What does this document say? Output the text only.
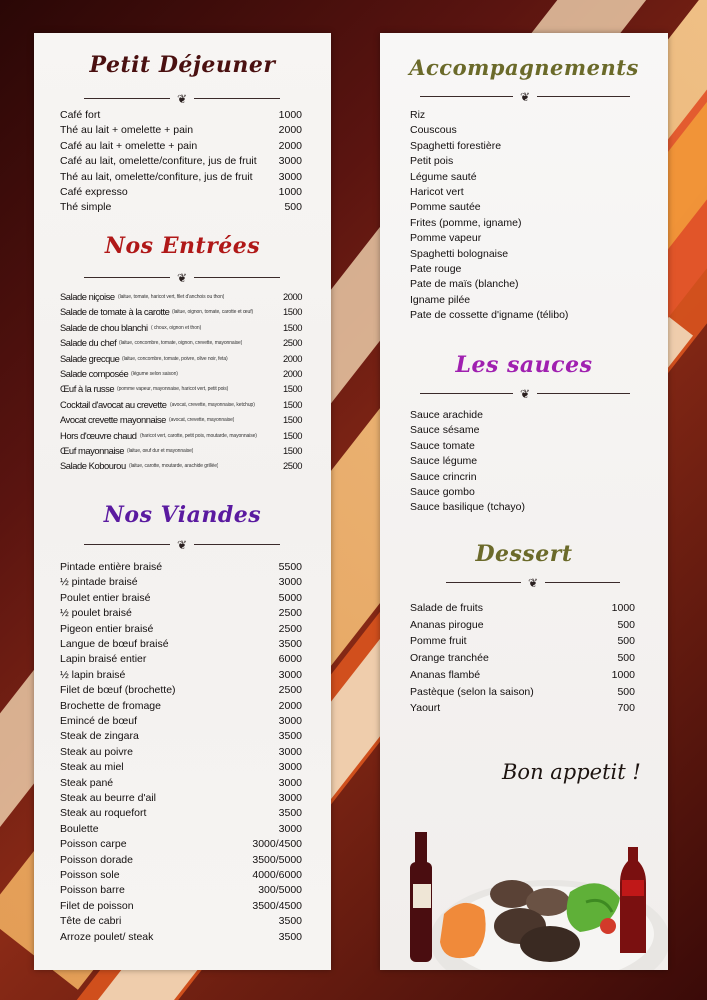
Petit Déjeuner
❦
Café fort	1000
Thé au lait + omelette + pain	2000
Café au lait + omelette + pain	2000
Café au lait, omelette/confiture, jus de fruit 3000
Thé au lait, omelette/confiture, jus de fruit 3000
Café expresso	1000
Thé simple	500
Nos Entrées
❦
Salade niçoise (laitue, tomate, haricot vert, filet d'anchois ou thon)	2000
Salade de tomate à la carotte (laitue, oignon, tomate, carotte et œuf)	1500
Salade de chou blanchi ( choux, oignon et thon)	1500
Salade du chef (laitue, concombre, tomate, oignon, crevette, mayonnaise)	2500
Salade grecque (laitue, concombre, tomate, poivre, olive noir, feta)	2000
Salade composée (légume selon saison)	2000
Œuf à la russe (pomme vapeur, mayonnaise, haricot vert, petit pois)	1500
Cocktail d'avocat au crevette (avocat, crevette, mayonnaise, ketchup)	1500
Avocat crevette mayonnaise (avocat, crevette, mayonnaise)	1500
Hors d'œuvre chaud (haricot vert, carotte, petit pois, moutarde, mayonnaise)	1500
Œuf mayonnaise (laitue, œuf dur et mayonnaise)	1500
Salade Kobourou (laitue, carotte, moutarde, arachide grillée)	2500
Nos Viandes
❦
Pintade entière braisé	5500
½ pintade braisé	3000
Poulet entier braisé	5000
½ poulet braisé	2500
Pigeon entier braisé	2500
Langue de bœuf braisé	3500
Lapin braisé entier	6000
½ lapin braisé	3000
Filet de bœuf (brochette)	2500
Brochette de fromage	2000
Emincé de bœuf	3000
Steak de zingara	3500
Steak au poivre	3000
Steak au miel	3000
Steak pané	3000
Steak au beurre d'ail	3000
Steak au roquefort	3500
Boulette	3000
Poisson carpe	3000/4500
Poisson dorade	3500/5000
Poisson sole	4000/6000
Poisson barre	300/5000
Filet de poisson	3500/4500
Tête de cabri	3500
Arroze poulet/ steak	3500
Accompagnements
❦
Riz
Couscous
Spaghetti forestière
Petit pois
Légume sauté
Haricot vert
Pomme sautée
Frites (pomme, igname)
Pomme vapeur
Spaghetti bolognaise
Pate rouge
Pate de maïs (blanche)
Igname pilée
Pate de cossette d'igname (télibo)
Les sauces
❦
Sauce arachide
Sauce sésame
Sauce tomate
Sauce légume
Sauce crincrin
Sauce gombo
Sauce basilique (tchayo)
Dessert
❦
Salade de fruits	1000
Ananas pirogue	500
Pomme fruit	500
Orange tranchée	500
Ananas flambé	1000
Pastèque (selon la saison)	500
Yaourt	700
Bon appetit !
